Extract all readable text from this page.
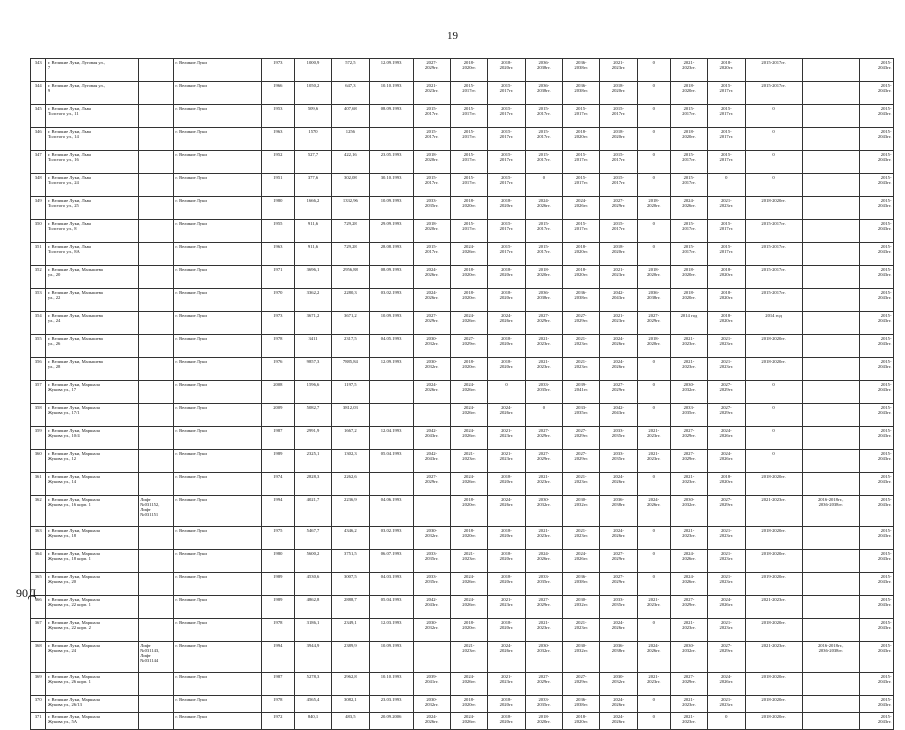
19
343	г. Великие Луки, Луговая ул.,
7		г. Великие Луки	1973	1000,9	572,5	12.09.1993	2027-
2029гг.	2018-
2020гг.	2018-
2020гг.	2036-
2038гг.	2036-
2038гг.	2021-
2023гг.	0	2021-
2023гг.	2018-
2020гг.	2015-2017гг.		2015-
2043гг.
344	г. Великие Луки, Луговая ул.,
9		г. Великие Луки	1966	1050,2	647,3	10.10.1993	2021-
2023гг.	2015-
2017гг.	2015-
2017гг.	2036-
2038гг.	2036-
2038гг.	2018-
2020гг.	0	2018-
2020гг.	2015-
2017гг.	2015-2017гг.		2015-
2043гг.
345	г. Великие Луки, Льва
Толстого ул., 11		г. Великие Луки	1953	509,6	407,68	08.09.1993	2015-
2017гг.	2015-
2017гг.	2015-
2017гг.	2015-
2017гг.	2015-
2017гг.	2015-
2017гг.	0	2015-
2017гг.	2015-
2017гг.	0		2015-
2043гг.
346	г. Великие Луки, Льва
Толстого ул., 14		г. Великие Луки	1963	1570	1256		2015-
2017гг.	2015-
2017гг.	2015-
2017гг.	2015-
2017гг.	2018-
2020гг.	2018-
2020гг.	0	2018-
2020гг.	2015-
2017гг.	0		2015-
2043гг.
347	г. Великие Луки, Льва
Толстого ул., 16		г. Великие Луки	1952	527,7	422,16	23.05.1993	2018-
2020гг.	2015-
2017гг.	2015-
2017гг.	2015-
2017гг.	2015-
2017гг.	2015-
2017гг.	0	2015-
2017гг.	2015-
2017гг.	0		2015-
2043гг.
348	г. Великие Луки, Льва
Толстого ул., 24		г. Великие Луки	1951	377,6	302,08	30.10.1993	2015-
2017гг.	2015-
2017гг.	2015-
2017гг.	0	2015-
2017гг.	2015-
2017гг.	0	2015-
2017гг.	0	0		2015-
2043гг.
349	г. Великие Луки, Льва
Толстого ул., 25		г. Великие Луки	1980	1666,2	1332,96	10.09.1993	2033-
2035гг.	2018-
2020гг.	2018-
2020гг.	2024-
2026гг.	2024-
2026гг.	2027-
2029гг.	2018-
2020гг.	2024-
2026гг.	2021-
2023гг.	2018-2020гг.		2015-
2043гг.
350	г. Великие Луки, Льва
Толстого ул., 8		г. Великие Луки	1955	911,6	729,28	29.09.1993	2018-
2020гг.	2015-
2017гг.	2015-
2017гг.	2015-
2017гг.	2015-
2017гг.	2015-
2017гг.	0	2015-
2017гг.	2015-
2017гг.	2015-2017гг.		2015-
2043гг.
351	г. Великие Луки, Льва
Толстого ул., 8А		г. Великие Луки	1963	911,6	729,28	28.08.1993	2015-
2017гг.	2024-
2026гг.	2015-
2017гг.	2015-
2017гг.	2018-
2020гг.	2018-
2020гг.	0	2015-
2017гг.	2015-
2017гг.	2015-2017гг.		2015-
2043гг.
352	г. Великие Луки, Малышева
ул., 20		г. Великие Луки	1971	3696,1	2956,88	08.09.1993	2024-
2026гг.	2018-
2020гг.	2018-
2020гг.	2018-
2020гг.	2018-
2020гг.	2021-
2023гг.	2018-
2020гг.	2018-
2020гг.	2018-
2020гг.	2015-2017гг.		2015-
2043гг.
353	г. Великие Луки, Малышева
ул., 22		г. Великие Луки	1970	3362,2	2280,3	03.02.1993	2024-
2026гг.	2018-
2020гг.	2018-
2020гг.	2036-
2038гг.	2036-
2038гг.	2042-
2043гг.	2036-
2038гг.	2018-
2020гг.	2018-
2020гг.	2015-2017гг.		2015-
2043гг.
354	г. Великие Луки, Малышева
ул., 24		г. Великие Луки	1973	3671,2	3671,2	10.09.1993	2027-
2029гг.	2024-
2026гг.	2024-
2026гг.	2027-
2029гг.	2027-
2029гг.	2021-
2023гг.	2027-
2029гг.	2014 год	2018-
2020гг.	2014 год		2015-
2043гг.
355	г. Великие Луки, Малышева
ул., 26		г. Великие Луки	1978	3411	2317,5	04.05.1993	2030-
2032гг.	2027-
2029гг.	2018-
2020гг.	2021-
2023гг.	2021-
2023гг.	2024-
2026гг.	2018-
2020гг.	2021-
2023гг.	2021-
2023гг.	2018-2020гг.		2015-
2043гг.
356	г. Великие Луки, Малышева
ул., 28		г. Великие Луки	1976	9857,3	7885,84	12.09.1993	2030-
2032гг.	2018-
2020гг.	2018-
2020гг.	2021-
2023гг.	2021-
2023гг.	2024-
2026гг.	0	2021-
2023гг.	2021-
2023гг.	2018-2020гг.		2015-
2043гг.
357	г. Великие Луки, Маршала
Жукова ул., 17		г. Великие Луки	2008	1596,6	1197,5		2024-
2026гг.	2024-
2026гг.	0	2033-
2035гг.	2039-
2041гг.	2027-
2029гг.	0	2030-
2032гг.	2027-
2029гг.	0		2015-
2043гг.
358	г. Великие Луки, Маршала
Жукова ул., 17/1		г. Великие Луки	2009	5082,7	3812,03			2024-
2026гг.	2024-
2026гг.	0	2033-
2035гг.	2042-
2043гг.	0	2033-
2035гг.	2027-
2029гг.	0		2015-
2043гг.
359	г. Великие Луки, Маршала
Жукова ул., 10/4		г. Великие Луки	1987	2991,9	1667,2	12.04.1993	2042-
2043гг.	2024-
2026гг.	2021-
2023гг.	2027-
2029гг.	2027-
2029гг.	2033-
2035гг.	2021-
2023гг.	2027-
2029гг.	2024-
2026гг.	0		2015-
2043гг.
360	г. Великие Луки, Маршала
Жукова ул., 12		г. Великие Луки	1989	2325,1	1302,3	05.04.1993	2042-
2043гг.	2021-
2023гг.	2021-
2023гг.	2027-
2029гг.	2027-
2029гг.	2033-
2035гг.	2021-
2023гг.	2027-
2029гг.	2024-
2026гг.	0		2015-
2043гг.
361	г. Великие Луки, Маршала
Жукова ул., 14		г. Великие Луки	1974	2828,3	2262,6		2027-
2029гг.	2024-
2026гг.	2018-
2020гг.	2021-
2023гг.	2021-
2023гг.	2024-
2026гг.	0	2021-
2023гг.	2018-
2020гг.	2018-2020гг.		2015-
2043гг.
362	г. Великие Луки, Маршала
Жукова ул., 16 корп. 1	Лифт
№031152,
Лифт
№031151	г. Великие Луки	1994	4021,7	2236,9	04.06.1993		2018-
2020гг.	2024-
2026гг.	2030-
2032гг.	2030-
2032гг.	2036-
2038гг.	2024-
2026гг.	2030-
2032гг.	2027-
2029гг.	2021-2023гг.	2016-2018гг.,
2036-2038гг.	2015-
2043гг.
363	г. Великие Луки, Маршала
Жукова ул., 18		г. Великие Луки	1975	5467,7	4346,2	03.02.1993	2030-
2032гг.	2018-
2020гг.	2018-
2020гг.	2021-
2023гг.	2021-
2023гг.	2024-
2026гг.	0	2021-
2023гг.	2021-
2023гг.	2018-2020гг.		2015-
2043гг.
364	г. Великие Луки, Маршала
Жукова ул., 18 корп. 1		г. Великие Луки	1980	5600,2	3751,5	06.07.1993	2033-
2035гг.	2021-
2023гг.	2018-
2020гг.	2024-
2026гг.	2024-
2026гг.	2027-
2029гг.	0	2024-
2026гг.	2021-
2023гг.	2018-2020гг.		2015-
2043гг.
365	г. Великие Луки, Маршала
Жукова ул., 20		г. Великие Луки	1989	4530,6	3007,5	04.03.1993	2033-
2035гг.	2024-
2026гг.	2018-
2020гг.	2033-
2035гг.	2036-
2038гг.	2027-
2029гг.	0	2024-
2026гг.	2021-
2023гг.	2019-2020гг.		2015-
2043гг.
366	г. Великие Луки, Маршала
Жукова ул., 22 корп. 1		г. Великие Луки	1989	4862,8	2888,7	05.04.1993	2042-
2043гг.	2024-
2026гг.	2021-
2023гг.	2027-
2029гг.	2030-
2032гг.	2033-
2035гг.	2021-
2023гг.	2027-
2029гг.	2024-
2026гг.	2021-2023гг.		2015-
2043гг.
367	г. Великие Луки, Маршала
Жукова ул., 22 корп. 2		г. Великие Луки	1978	3186,1	2349,1	12.03.1993	2030-
2032гг.	2018-
2020гг.	2018-
2020гг.	2021-
2023гг.	2021-
2023гг.	2024-
2026гг.	0	2021-
2023гг.	2021-
2023гг.	2018-2020гг.		2015-
2043гг.
368	г. Великие Луки, Маршала
Жукова ул., 24	Лифт
№031143,
Лифт
№031144	г. Великие Луки	1994	3944,9	2389,9	10.09.1993		2021-
2023гг.	2024-
2026гг.	2030-
2032гг.	2030-
2032гг.	2036-
2038гг.	2024-
2026гг.	2030-
2032гг.	2027-
2029гг.	2021-2023гг.	2016-2018гг.,
2036-2038гг.	2015-
2043гг.
369	г. Великие Луки, Маршала
Жукова ул., 26 корп. 1		г. Великие Луки	1987	5278,3	2962,8	10.10.1993	2039-
2041гг.	2024-
2026гг.	2021-
2023гг.	2027-
2029гг.	2027-
2029гг.	2030-
2032гг.	2021-
2023гг.	2027-
2029гг.	2024-
2026гг.	2018-2020гг.		2015-
2043гг.
370	г. Великие Луки, Маршала
Жукова ул., 26/13		г. Великие Луки	1978	4565,4	3082,1	23.03.1993	2030-
2032гг.	2018-
2020гг.	2018-
2020гг.	2033-
2035гг.	2036-
2038гг.	2024-
2026гг.	0	2021-
2023гг.	2021-
2023гг.	2018-2020гг.		2015-
2043гг.
371	г. Великие Луки, Маршала
Жукова ул., 5А		г. Великие Луки	1972	840,1	483,5	20.09.2006	2024-
2026гг.	2024-
2026гг.	2018-
2020гг.	2018-
2020гг.	2018-
2020гг.	2024-
2026гг.	0	2021-
2023гг.	0	2018-2020гг.		2015-
2043гг.
90Д
